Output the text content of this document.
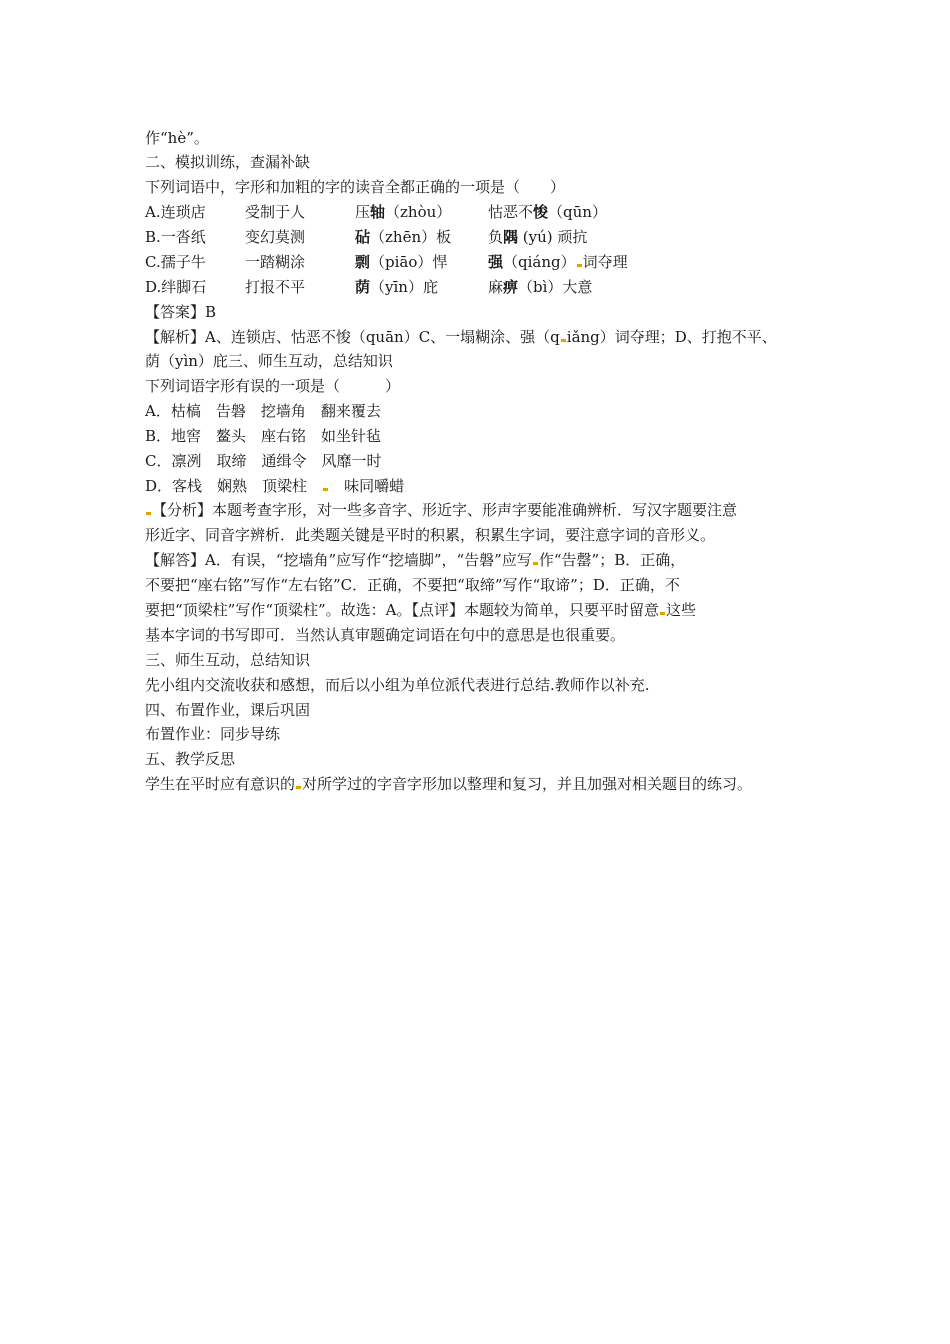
作“hè”。
二、模拟训练，查漏补缺
下列词语中，字形和加粗的字的读音全都正确的一项是（　　）
A.连琐店	受制于人	压轴（zhòu） 怙恶不悛（qūn）
B.一沓纸	变幻莫测	砧（zhēn）板 负隅 (yú) 顽抗
C.孺子牛	一踏糊涂	剽（piāo）悍	强（qiáng） 词夺理
D.绊脚石	打报不平	荫（yīn）庇	麻痹（bì）大意
【答案】B
【解析】A、连锁店、怙恶不悛（quān）C、一塌糊涂、强（q iǎng）词夺理；D、打抱不平、
荫（yìn）庇三、师生互动，总结知识
下列词语字形有误的一项是（　　　）
A．枯槁　告磐　挖墙角　翻来覆去
B．地窖　鳌头　座右铭　如坐针毡
C．凛冽　取缔　通缉令　风靡一时
D．客栈　娴熟　顶梁柱　　 味同嚼蜡
【分析】本题考查字形，对一些多音字、形近字、形声字要能准确辨析．写汉字题要注意
形近字、同音字辨析．此类题关键是平时的积累，积累生字词，要注意字词的音形义。
【解答】A．有误，“挖墙角”应写作“挖墙脚”，“告磐”应写 作“告罄”；B．正确，
不要把“座右铭”写作“左右铭”C．正确，不要把“取缔”写作“取谛”；D．正确，不
要把“顶梁柱”写作“顶粱柱”。故选：A。【点评】本题较为简单，只要平时留意 这些
基本字词的书写即可．当然认真审题确定词语在句中的意思是也很重要。
三、师生互动，总结知识
先小组内交流收获和感想，而后以小组为单位派代表进行总结.教师作以补充.
四、布置作业，课后巩固
布置作业：同步导练
五、教学反思
学生在平时应有意识的 对所学过的字音字形加以整理和复习，并且加强对相关题目的练习。
